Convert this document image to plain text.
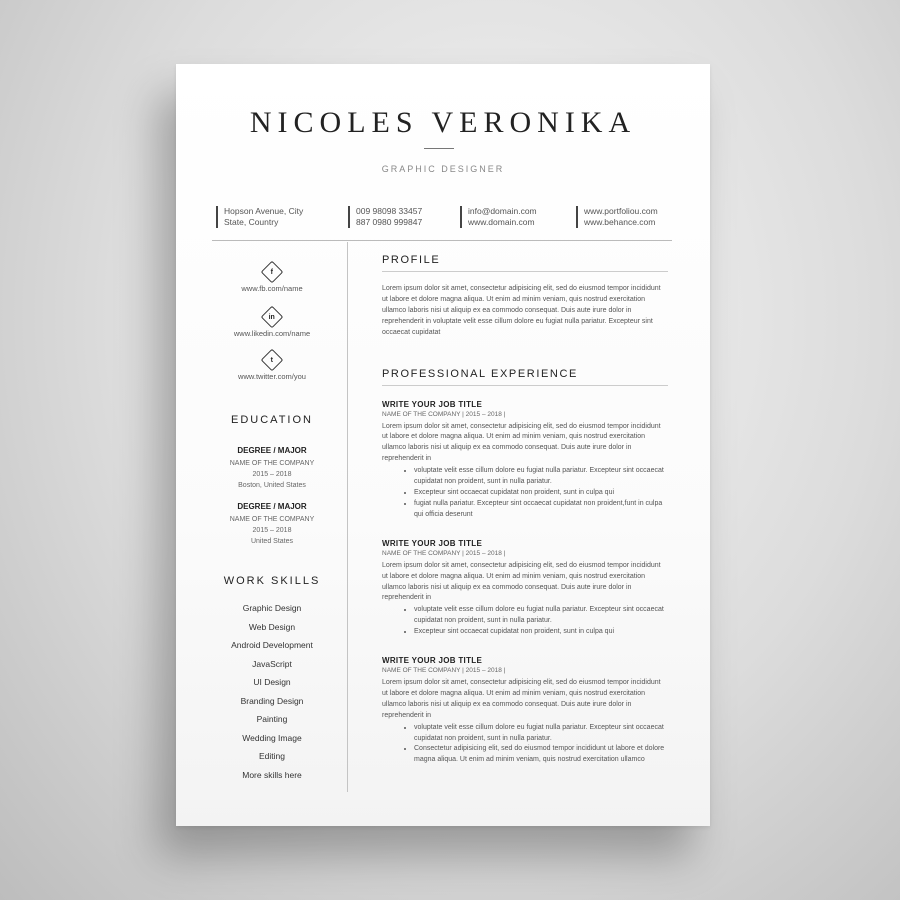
NICOLES VERONIKA
GRAPHIC DESIGNER
Hopson Avenue, City
State, Country
009 98098 33457
887 0980 999847
info@domain.com
www.domain.com
www.portfoliou.com
www.behance.com
f
www.fb.com/name
in
www.likedin.com/name
t
www.twitter.com/you
EDUCATION
DEGREE / MAJOR
NAME OF THE COMPANY
2015 – 2018
Boston, United States
DEGREE / MAJOR
NAME OF THE COMPANY
2015 – 2018
United States
WORK SKILLS
Graphic Design
Web Design
Android Development
JavaScript
UI Design
Branding Design
Painting
Wedding Image
Editing
More skills here
PROFILE
Lorem ipsum dolor sit amet, consectetur adipisicing elit, sed do eiusmod tempor incididunt ut labore et dolore magna aliqua. Ut enim ad minim veniam, quis nostrud exercitation ullamco laboris nisi ut aliquip ex ea commodo consequat. Duis aute irure dolor in reprehenderit in voluptate velit esse cillum dolore eu fugiat nulla pariatur. Excepteur sint occaecat cupidatat
PROFESSIONAL EXPERIENCE
WRITE YOUR JOB TITLE
NAME OF THE COMPANY | 2015 – 2018 |
Lorem ipsum dolor sit amet, consectetur adipisicing elit, sed do eiusmod tempor incididunt ut labore et dolore magna aliqua. Ut enim ad minim veniam, quis nostrud exercitation ullamco laboris nisi ut aliquip ex ea commodo consequat. Duis aute irure dolor in reprehenderit in
• voluptate velit esse cillum dolore eu fugiat nulla pariatur. Excepteur sint occaecat cupidatat non proident, sunt in nulla pariatur.
• Excepteur sint occaecat cupidatat non proident, sunt in culpa qui
• fugiat nulla pariatur. Excepteur sint occaecat cupidatat non proident,funt in culpa qui officia deserunt
WRITE YOUR JOB TITLE
NAME OF THE COMPANY | 2015 – 2018 |
Lorem ipsum dolor sit amet, consectetur adipisicing elit, sed do eiusmod tempor incididunt ut labore et dolore magna aliqua. Ut enim ad minim veniam, quis nostrud exercitation ullamco laboris nisi ut aliquip ex ea commodo consequat. Duis aute irure dolor in reprehenderit in
• voluptate velit esse cillum dolore eu fugiat nulla pariatur. Excepteur sint occaecat cupidatat non proident, sunt in nulla pariatur.
• Excepteur sint occaecat cupidatat non proident, sunt in culpa qui
WRITE YOUR JOB TITLE
NAME OF THE COMPANY | 2015 – 2018 |
Lorem ipsum dolor sit amet, consectetur adipisicing elit, sed do eiusmod tempor incididunt ut labore et dolore magna aliqua. Ut enim ad minim veniam, quis nostrud exercitation ullamco laboris nisi ut aliquip ex ea commodo consequat. Duis aute irure dolor in reprehenderit in
• voluptate velit esse cillum dolore eu fugiat nulla pariatur. Excepteur sint occaecat cupidatat non proident, sunt in nulla pariatur.
• Consectetur adipisicing elit, sed do eiusmod tempor incididunt ut labore et dolore magna aliqua. Ut enim ad minim veniam, quis nostrud exercitation ullamco
